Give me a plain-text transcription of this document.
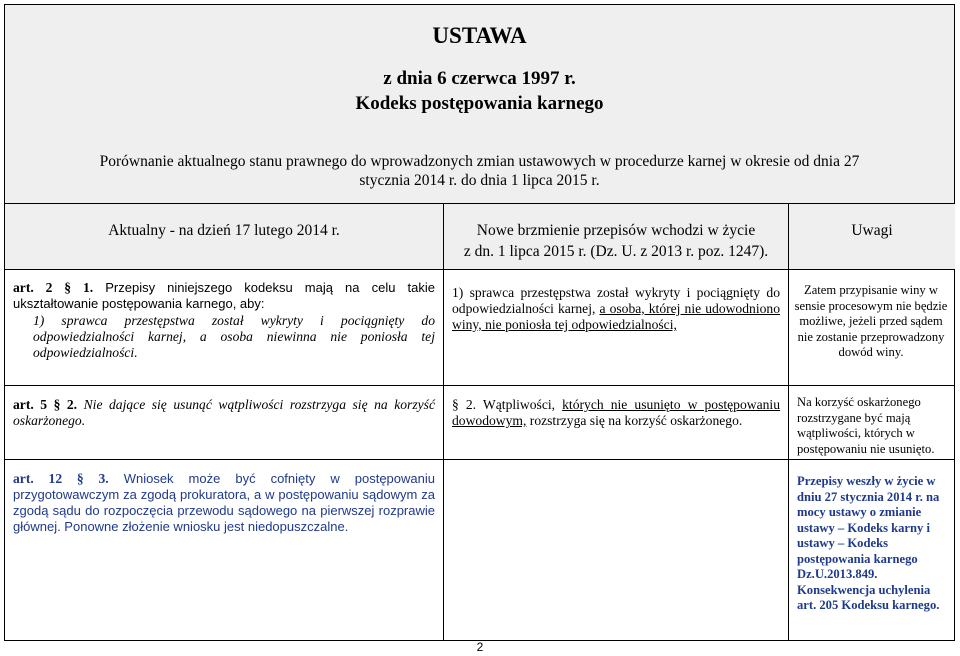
USTAWA
z dnia 6 czerwca 1997 r.
Kodeks postępowania karnego
Porównanie aktualnego stanu prawnego do wprowadzonych zmian ustawowych w procedurze karnej w okresie od dnia 27 stycznia 2014 r. do dnia 1 lipca 2015 r.
Aktualny - na dzień 17 lutego 2014 r.	Nowe brzmienie przepisów wchodzi w życie
z dn. 1 lipca 2015 r. (Dz. U. z 2013 r. poz. 1247).
Uwagi
art. 2 § 1. Przepisy niniejszego kodeksu mają na celu takie ukształtowanie postępowania karnego, aby:
1) sprawca przestępstwa został wykryty i pociągnięty do odpowiedzialności karnej, a osoba niewinna nie poniosła tej odpowiedzialności.
1) sprawca przestępstwa został wykryty i pociągnięty do odpowiedzialności karnej, a osoba, której nie udowodniono winy, nie poniosła tej odpowiedzialności,
Zatem przypisanie winy w sensie procesowym nie będzie możliwe, jeżeli przed sądem nie zostanie przeprowadzony dowód winy.
art. 5 § 2. Nie dające się usunąć wątpliwości rozstrzyga się na korzyść oskarżonego.
§ 2. Wątpliwości, których nie usunięto w postępowaniu dowodowym, rozstrzyga się na korzyść oskarżonego.
Na korzyść oskarżonego rozstrzygane być mają wątpliwości, których w postępowaniu nie usunięto.
art. 12 § 3. Wniosek może być cofnięty w postępowaniu przygotowawczym za zgodą prokuratora, a w postępowaniu sądowym za zgodą sądu do rozpoczęcia przewodu sądowego na pierwszej rozprawie głównej. Ponowne złożenie wniosku jest niedopuszczalne.
Przepisy weszły w życie w dniu 27 stycznia 2014 r. na mocy ustawy o zmianie ustawy – Kodeks karny i ustawy – Kodeks postępowania karnego Dz.U.2013.849. Konsekwencja uchylenia art. 205 Kodeksu karnego.
2
